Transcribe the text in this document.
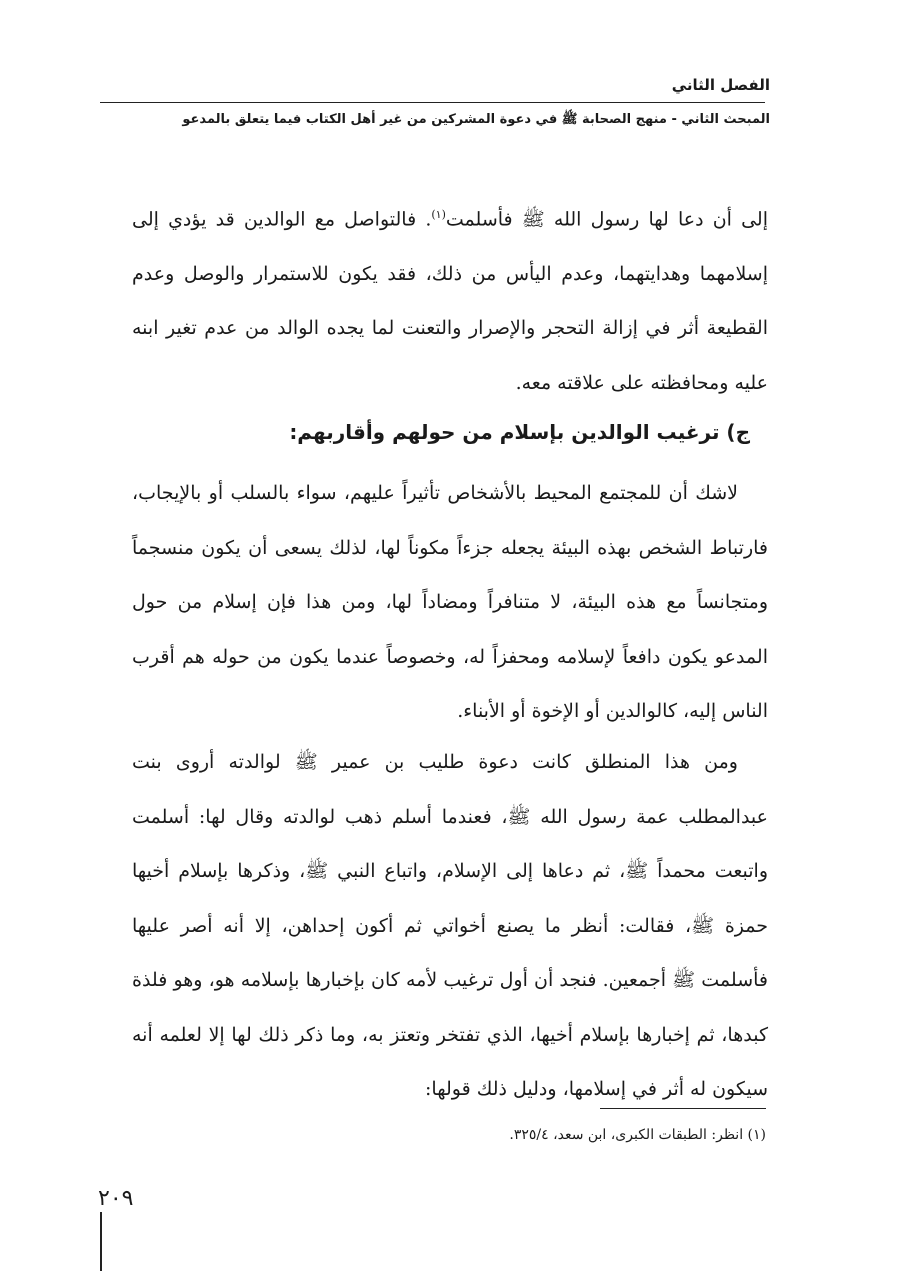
الفصل الثاني
المبحث الثاني - منهج الصحابة ﷺ في دعوة المشركين من غير أهل الكتاب فيما يتعلق بالمدعو
إلى أن دعا لها رسول الله ﷺ فأسلمت$^{(١)}$. فالتواصل مع الوالدين قد يؤدي إلى إسلامهما وهدايتهما، وعدم اليأس من ذلك، فقد يكون للاستمرار والوصل وعدم القطيعة أثر في إزالة التحجر والإصرار والتعنت لما يجده الوالد من عدم تغير ابنه عليه ومحافظته على علاقته معه.
ج) ترغيب الوالدين بإسلام من حولهم وأقاربهم:
لاشك أن للمجتمع المحيط بالأشخاص تأثيراً عليهم، سواء بالسلب أو بالإيجاب، فارتباط الشخص بهذه البيئة يجعله جزءاً مكوناً لها، لذلك يسعى أن يكون منسجماً ومتجانساً مع هذه البيئة، لا متنافراً ومضاداً لها، ومن هذا فإن إسلام من حول المدعو يكون دافعاً لإسلامه ومحفزاً له، وخصوصاً عندما يكون من حوله هم أقرب الناس إليه، كالوالدين أو الإخوة أو الأبناء.
ومن هذا المنطلق كانت دعوة طليب بن عمير ﷺ لوالدته أروى بنت عبدالمطلب عمة رسول الله ﷺ، فعندما أسلم ذهب لوالدته وقال لها: أسلمت واتبعت محمداً ﷺ، ثم دعاها إلى الإسلام، واتباع النبي ﷺ، وذكرها بإسلام أخيها حمزة ﷺ، فقالت: أنظر ما يصنع أخواتي ثم أكون إحداهن، إلا أنه أصر عليها فأسلمت ﷺ أجمعين. فنجد أن أول ترغيب لأمه كان بإخبارها بإسلامه هو، وهو فلذة كبدها، ثم إخبارها بإسلام أخيها، الذي تفتخر وتعتز به، وما ذكر ذلك لها إلا لعلمه أنه سيكون له أثر في إسلامها، ودليل ذلك قولها:
(١) انظر: الطبقات الكبرى، ابن سعد، ٣٢٥/٤.
٢٠٩
